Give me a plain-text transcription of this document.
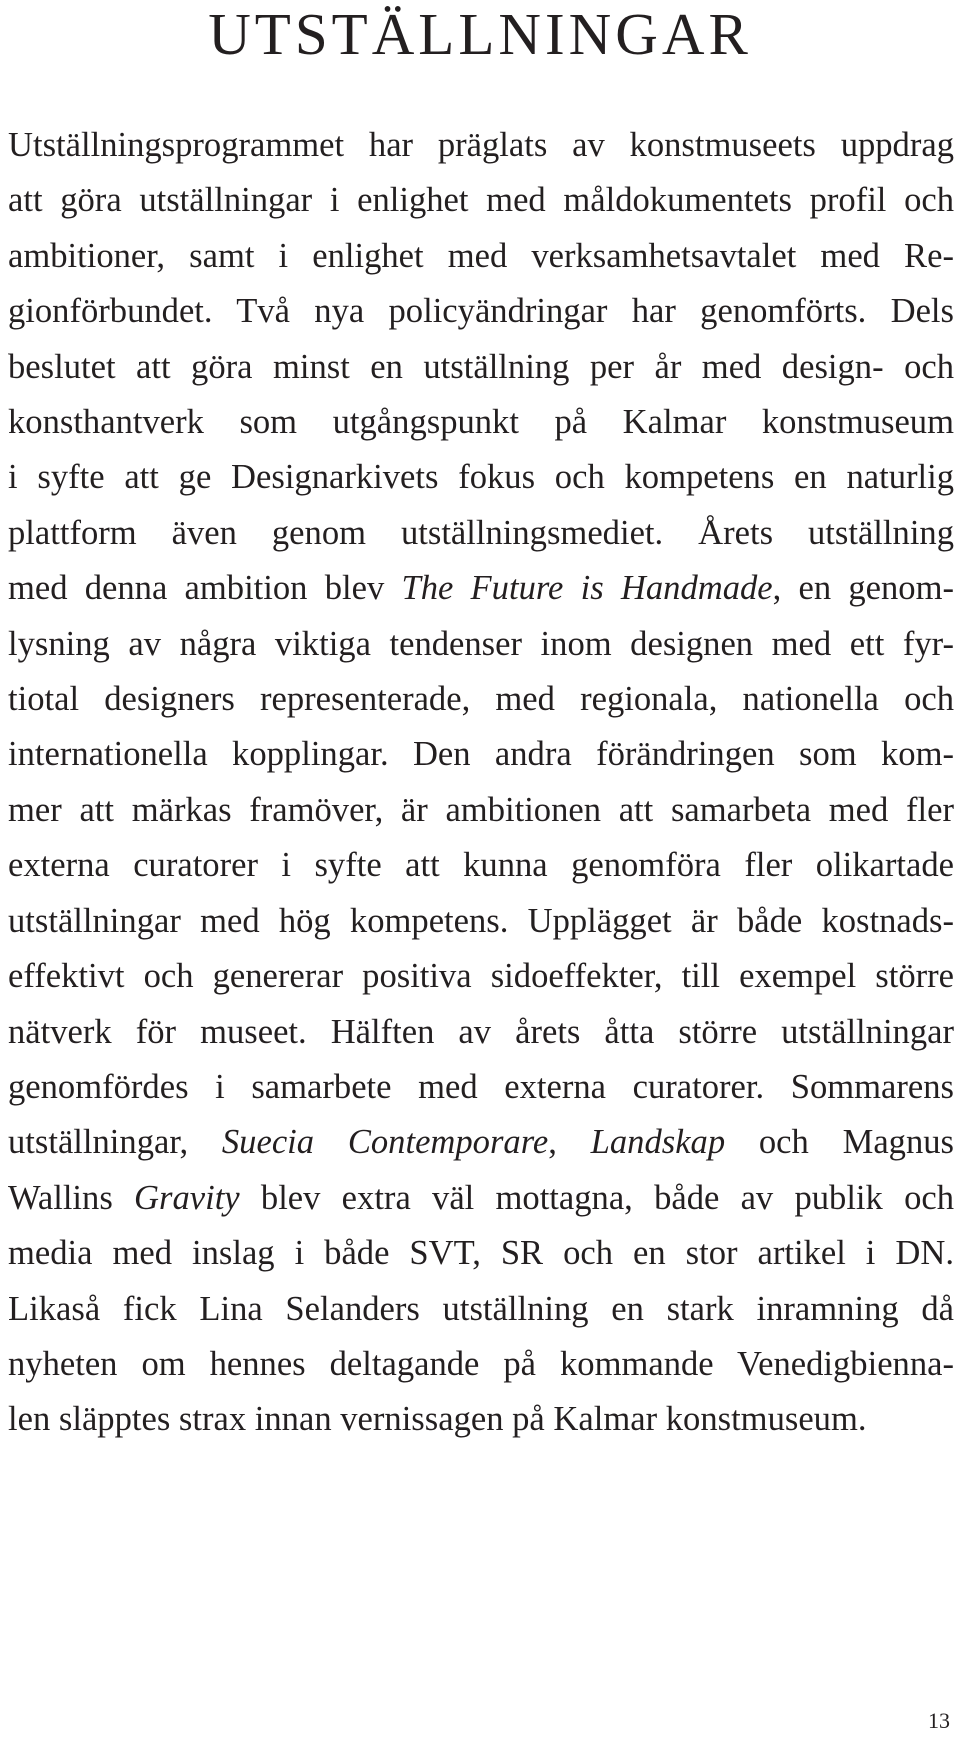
UTSTÄLLNINGAR
Utställningsprogrammet har präglats av konstmuseets uppdrag
att göra utställningar i enlighet med måldokumentets profil och
ambitioner, samt i enlighet med verksamhetsavtalet med Re-
gionförbundet. Två nya policyändringar har genomförts. Dels
beslutet att göra minst en utställning per år med design- och
konsthantverk som utgångspunkt på Kalmar konstmuseum
i syfte att ge Designarkivets fokus och kompetens en naturlig
plattform även genom utställningsmediet. Årets utställning
med denna ambition blev The Future is Handmade, en genom-
lysning av några viktiga tendenser inom designen med ett fyr-
tiotal designers representerade, med regionala, nationella och
internationella kopplingar. Den andra förändringen som kom-
mer att märkas framöver, är ambitionen att samarbeta med fler
externa curatorer i syfte att kunna genomföra fler olikartade
utställningar med hög kompetens. Upplägget är både kostnads-
effektivt och genererar positiva sidoeffekter, till exempel större
nätverk för museet. Hälften av årets åtta större utställningar
genomfördes i samarbete med externa curatorer. Sommarens
utställningar, Suecia Contemporare, Landskap och Magnus
Wallins Gravity blev extra väl mottagna, både av publik och
media med inslag i både SVT, SR och en stor artikel i DN.
Likaså fick Lina Selanders utställning en stark inramning då
nyheten om hennes deltagande på kommande Venedigbienna-
len släpptes strax innan vernissagen på Kalmar konstmuseum.
13
